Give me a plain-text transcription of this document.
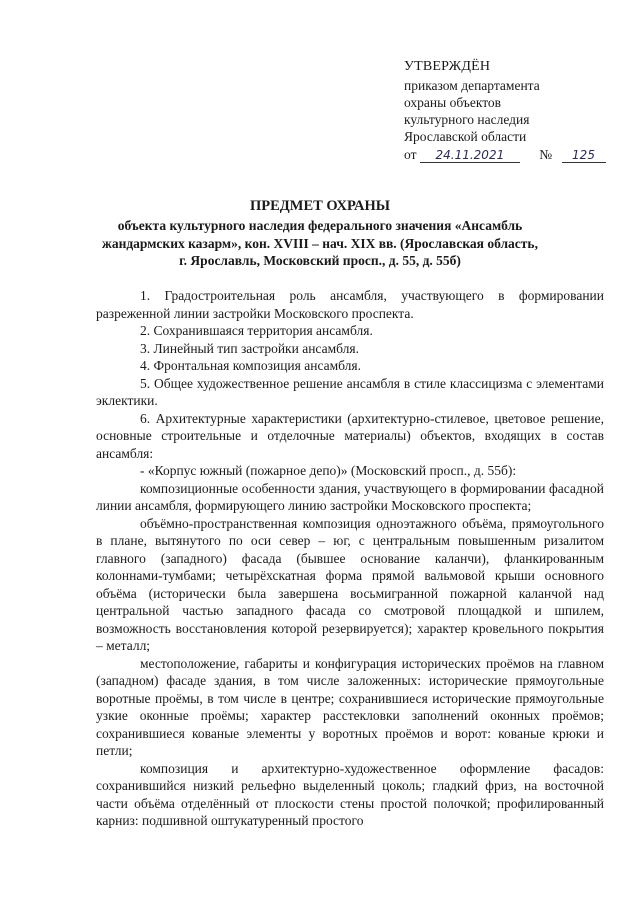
УТВЕРЖДЁН
приказом департамента
охраны объектов
культурного наследия
Ярославской области
от 24.11.2021	№ 125
ПРЕДМЕТ ОХРАНЫ
объекта культурного наследия федерального значения «Ансамбль жандармских казарм», кон. XVIII – нач. XIX вв. (Ярославская область, г. Ярославль, Московский просп., д. 55, д. 55б)

1. Градостроительная роль ансамбля, участвующего в формировании разреженной линии застройки Московского проспекта.

2. Сохранившаяся территория ансамбля.

3. Линейный тип застройки ансамбля.

4. Фронтальная композиция ансамбля.

5. Общее художественное решение ансамбля в стиле классицизма с элементами эклектики.

6. Архитектурные характеристики (архитектурно-стилевое, цветовое решение, основные строительные и отделочные материалы) объектов, входящих в состав ансамбля:

- «Корпус южный (пожарное депо)» (Московский просп., д. 55б):

композиционные особенности здания, участвующего в формировании фасадной линии ансамбля, формирующего линию застройки Московского проспекта;

объёмно-пространственная композиция одноэтажного объёма, прямоугольного в плане, вытянутого по оси север – юг, с центральным повышенным ризалитом главного (западного) фасада (бывшее основание каланчи), фланкированным колоннами-тумбами; четырёхскатная форма прямой вальмовой крыши основного объёма (исторически была завершена восьмигранной пожарной каланчой над центральной частью западного фасада со смотровой площадкой и шпилем, возможность восстановления которой резервируется); характер кровельного покрытия – металл;

местоположение, габариты и конфигурация исторических проёмов на главном (западном) фасаде здания, в том числе заложенных: исторические прямоугольные воротные проёмы, в том числе в центре; сохранившиеся исторические прямоугольные узкие оконные проёмы; характер расстекловки заполнений оконных проёмов; сохранившиеся кованые элементы у воротных проёмов и ворот: кованые крюки и петли;

композиция и архитектурно-художественное оформление фасадов: сохранившийся низкий рельефно выделенный цоколь; гладкий фриз, на восточной части объёма отделённый от плоскости стены простой полочкой; профилированный карниз: подшивной оштукатуренный простого
